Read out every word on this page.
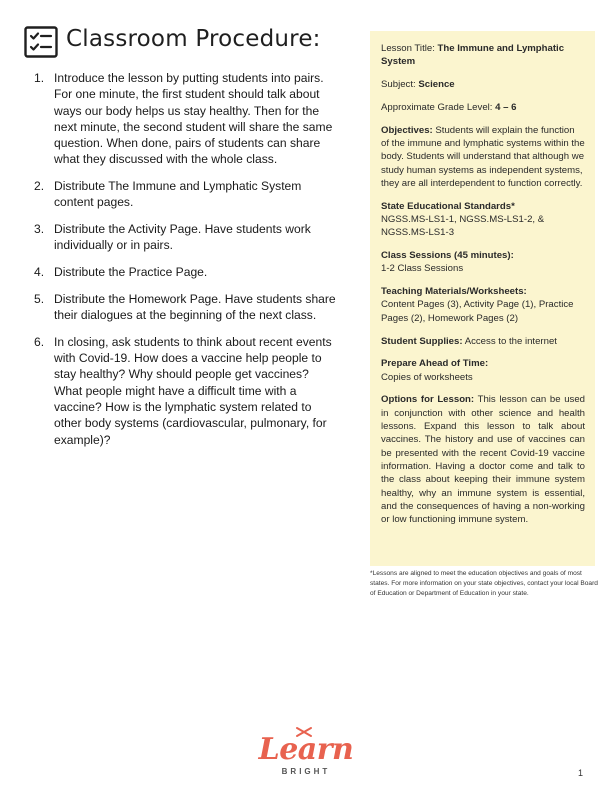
Classroom Procedure:
1. Introduce the lesson by putting students into pairs. For one minute, the first student should talk about ways our body helps us stay healthy. Then for the next minute, the second student will share the same question. When done, pairs of students can share what they discussed with the whole class.
2. Distribute The Immune and Lymphatic System content pages.
3. Distribute the Activity Page. Have students work individually or in pairs.
4. Distribute the Practice Page.
5. Distribute the Homework Page. Have students share their dialogues at the beginning of the next class.
6. In closing, ask students to think about recent events with Covid-19. How does a vaccine help people to stay healthy? Why should people get vaccines? What people might have a difficult time with a vaccine? How is the lymphatic system related to other body systems (cardiovascular, pulmonary, for example)?

Lesson Title: The Immune and Lymphatic System

Subject: Science

Approximate Grade Level: 4 – 6

Objectives: Students will explain the function of the immune and lymphatic systems within the body. Students will understand that although we study human systems as independent systems, they are all interdependent to function correctly.

State Educational Standards*
NGSS.MS-LS1-1, NGSS.MS-LS1-2, & NGSS.MS-LS1-3

Class Sessions (45 minutes):
1-2 Class Sessions

Teaching Materials/Worksheets:
Content Pages (3), Activity Page (1), Practice Pages (2), Homework Pages (2)

Student Supplies: Access to the internet

Prepare Ahead of Time:
Copies of worksheets

Options for Lesson: This lesson can be used in conjunction with other science and health lessons. Expand this lesson to talk about vaccines. The history and use of vaccines can be presented with the recent Covid-19 vaccine information. Having a doctor come and talk to the class about keeping their immune system healthy, why an immune system is essential, and the consequences of having a non-working or low functioning immune system.

*Lessons are aligned to meet the education objectives and goals of most states. For more information on your state objectives, contact your local Board of Education or Department of Education in your state.
Learn
BRIGHT	1
